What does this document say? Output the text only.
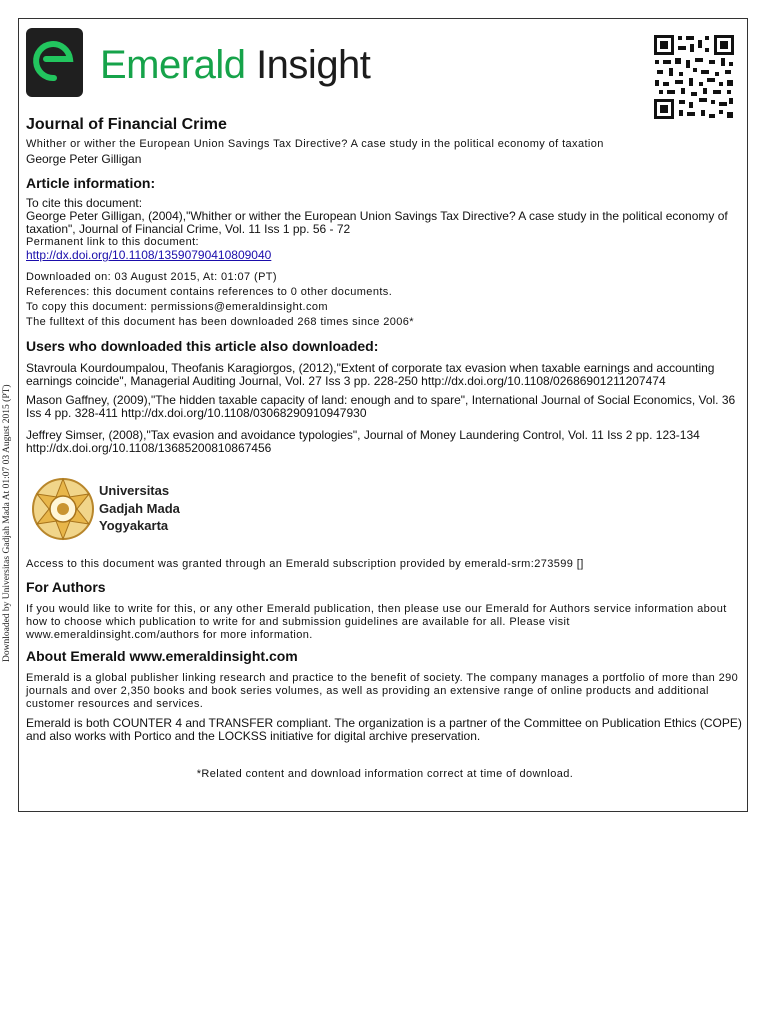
Downloaded by Universitas Gadjah Mada At 01:07 03 August 2015 (PT)
Emerald Insight
Journal of Financial Crime
Whither or wither the European Union Savings Tax Directive? A case study in the political economy of taxation
George Peter Gilligan
Article information:
To cite this document:
George Peter Gilligan, (2004),"Whither or wither the European Union Savings Tax Directive? A case study in the political economy of taxation", Journal of Financial Crime, Vol. 11 Iss 1 pp. 56 - 72
Permanent link to this document:
http://dx.doi.org/10.1108/13590790410809040
Downloaded on: 03 August 2015, At: 01:07 (PT)
References: this document contains references to 0 other documents.
To copy this document: permissions@emeraldinsight.com
The fulltext of this document has been downloaded 268 times since 2006*
Users who downloaded this article also downloaded:
Stavroula Kourdoumpalou, Theofanis Karagiorgos, (2012),"Extent of corporate tax evasion when taxable earnings and accounting earnings coincide", Managerial Auditing Journal, Vol. 27 Iss 3 pp. 228-250 http://dx.doi.org/10.1108/02686901211207474
Mason Gaffney, (2009),"The hidden taxable capacity of land: enough and to spare", International Journal of Social Economics, Vol. 36 Iss 4 pp. 328-411 http://dx.doi.org/10.1108/03068290910947930
Jeffrey Simser, (2008),"Tax evasion and avoidance typologies", Journal of Money Laundering Control, Vol. 11 Iss 2 pp. 123-134 http://dx.doi.org/10.1108/13685200810867456
Universitas
Gadjah Mada
Yogyakarta
Access to this document was granted through an Emerald subscription provided by emerald-srm:273599 []
For Authors
If you would like to write for this, or any other Emerald publication, then please use our Emerald for Authors service information about how to choose which publication to write for and submission guidelines are available for all. Please visit www.emeraldinsight.com/authors for more information.
About Emerald www.emeraldinsight.com
Emerald is a global publisher linking research and practice to the benefit of society. The company manages a portfolio of more than 290 journals and over 2,350 books and book series volumes, as well as providing an extensive range of online products and additional customer resources and services.
Emerald is both COUNTER 4 and TRANSFER compliant. The organization is a partner of the Committee on Publication Ethics (COPE) and also works with Portico and the LOCKSS initiative for digital archive preservation.
*Related content and download information correct at time of download.
